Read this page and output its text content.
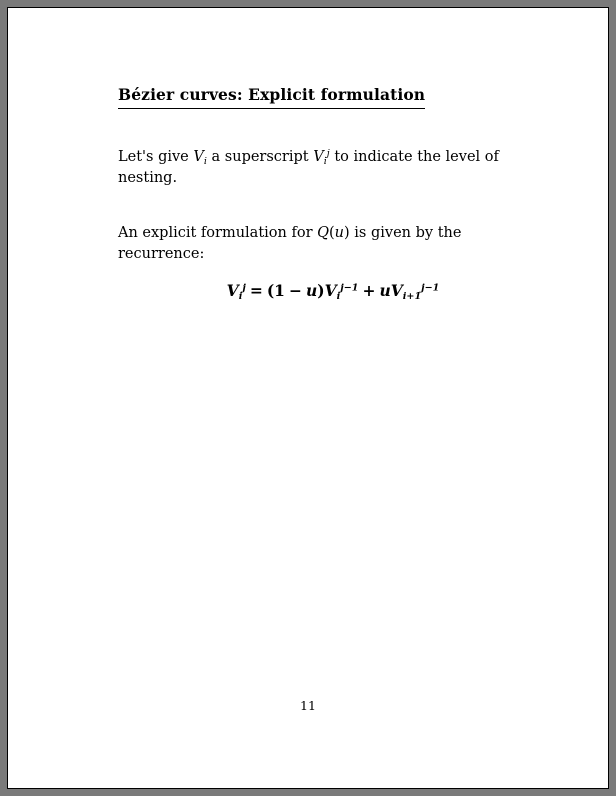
Bézier curves: Explicit formulation
Let's give $V_i$ a superscript $V_i^j$ to indicate the level of nesting.
An explicit formulation for Q(u) is given by the recurrence:
$Vi^j = (1 - u)Vi^{j-1} + uVi+1^{j-1}$
11
